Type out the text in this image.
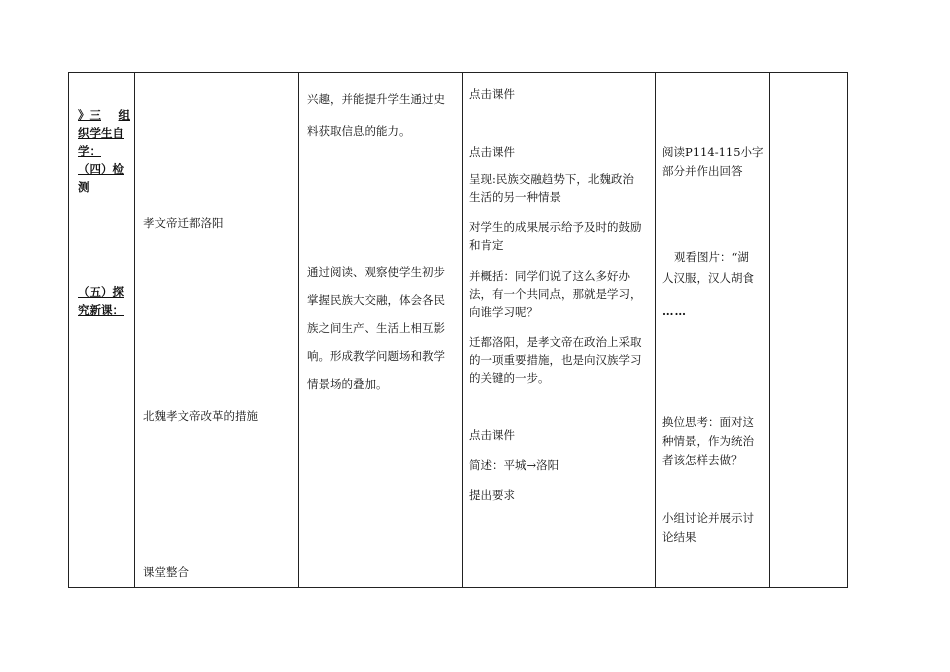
》三 组
织学生自
学：
（四）检
测
（五）探
究新课：

孝文帝迁都洛阳
北魏孝文帝改革的措施
课堂整合

兴趣，并能提升学生通过史
料获取信息的能力。
通过阅读、观察使学生初步
掌握民族大交融，体会各民
族之间生产、生活上相互影
响。形成教学问题场和教学
情景场的叠加。

点击课件
点击课件
呈现:民族交融趋势下，北魏政治
生活的另一种情景
对学生的成果展示给予及时的鼓励
和肯定
并概括：同学们说了这么多好办
法，有一个共同点，那就是学习，
向谁学习呢？
迁都洛阳，是孝文帝在政治上采取
的一项重要措施，也是向汉族学习
的关键的一步。
点击课件
简述：平城→洛阳
提出要求

阅读P114-115小字
部分并作出回答
观看图片：“湖
人汉服，汉人胡食
……
换位思考：面对这
种情景，作为统治
者该怎样去做？
小组讨论并展示讨
论结果
